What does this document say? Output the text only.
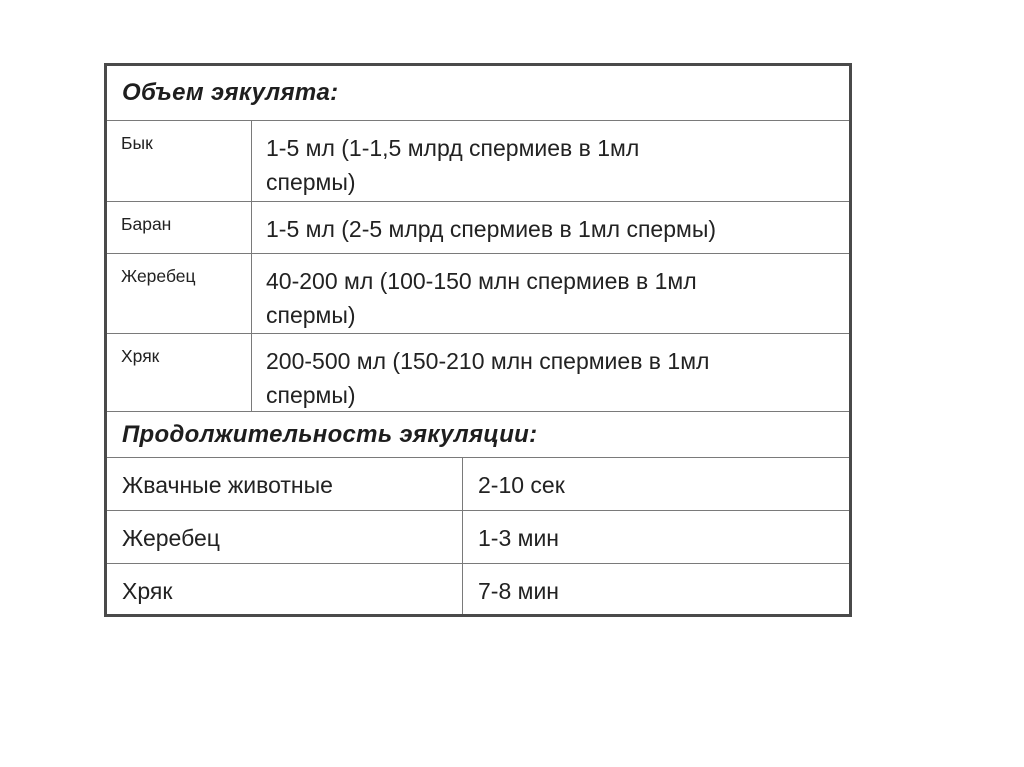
Объем эякулята:
Бык	1-5 мл (1-1,5 млрд спермиев в 1мл
спермы)
Баран	1-5 мл (2-5 млрд спермиев в 1мл спермы)
Жеребец	40-200 мл (100-150 млн спермиев в 1мл
спермы)
Хряк	200-500 мл (150-210 млн спермиев в 1мл
спермы)
Продолжительность эякуляции:
Жвачные животные	2-10 сек
Жеребец	1-3 мин
Хряк	7-8 мин
